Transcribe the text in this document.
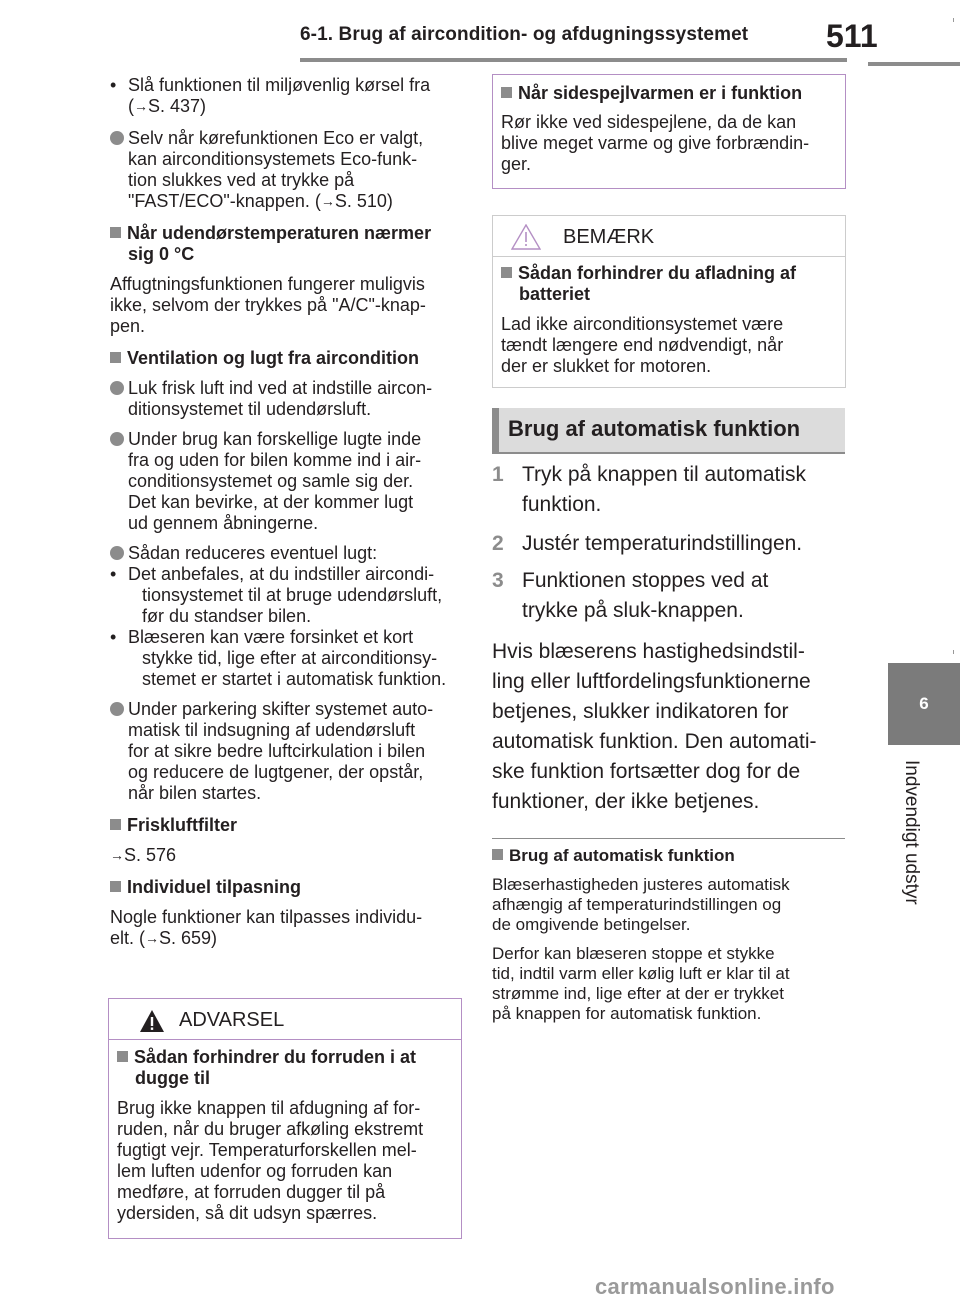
6-1. Brug af aircondition- og afdugningssystemet 511
6
Indvendigt udstyr
• Slå funktionen til miljøvenlig kørsel fra
(→S. 437)
Selv når kørefunktionen Eco er valgt,
kan airconditionsystemets Eco-funk-
tion slukkes ved at trykke på
"FAST/ECO"-knappen. (→S. 510)
Når udendørstemperaturen nærmer
sig 0 °C
Affugtningsfunktionen fungerer muligvis
ikke, selvom der trykkes på "A/C"-knap-
pen.
Ventilation og lugt fra aircondition
Luk frisk luft ind ved at indstille aircon-
ditionsystemet til udendørsluft.
Under brug kan forskellige lugte inde
fra og uden for bilen komme ind i air-
conditionsystemet og samle sig der.
Det kan bevirke, at der kommer lugt
ud gennem åbningerne.
Sådan reduceres eventuel lugt:
• Det anbefales, at du indstiller aircondi-
tionsystemet til at bruge udendørsluft,
før du standser bilen.
• Blæseren kan være forsinket et kort
stykke tid, lige efter at airconditionsy-
stemet er startet i automatisk funktion.
Under parkering skifter systemet auto-
matisk til indsugning af udendørsluft
for at sikre bedre luftcirkulation i bilen
og reducere de lugtgener, der opstår,
når bilen startes.
Friskluftfilter
→S. 576
Individuel tilpasning
Nogle funktioner kan tilpasses individu-
elt. (→S. 659)
ADVARSEL
Sådan forhindrer du forruden i at
dugge til
Brug ikke knappen til afdugning af for-
ruden, når du bruger afkøling ekstremt
fugtigt vejr. Temperaturforskellen mel-
lem luften udenfor og forruden kan
medføre, at forruden dugger til på
ydersiden, så dit udsyn spærres.
Når sidespejlvarmen er i funktion
Rør ikke ved sidespejlene, da de kan
blive meget varme og give forbrændin-
ger.
BEMÆRK
Sådan forhindrer du afladning af
batteriet
Lad ikke airconditionsystemet være
tændt længere end nødvendigt, når
der er slukket for motoren.
Brug af automatisk funktion
1 Tryk på knappen til automatisk
funktion.
2 Justér temperaturindstillingen.
3 Funktionen stoppes ved at
trykke på sluk-knappen.
Hvis blæserens hastighedsindstil-
ling eller luftfordelingsfunktionerne
betjenes, slukker indikatoren for
automatisk funktion. Den automati-
ske funktion fortsætter dog for de
funktioner, der ikke betjenes.
Brug af automatisk funktion
Blæserhastigheden justeres automatisk
afhængig af temperaturindstillingen og
de omgivende betingelser.
Derfor kan blæseren stoppe et stykke
tid, indtil varm eller kølig luft er klar til at
strømme ind, lige efter at der er trykket
på knappen for automatisk funktion.
carmanualsonline.info
